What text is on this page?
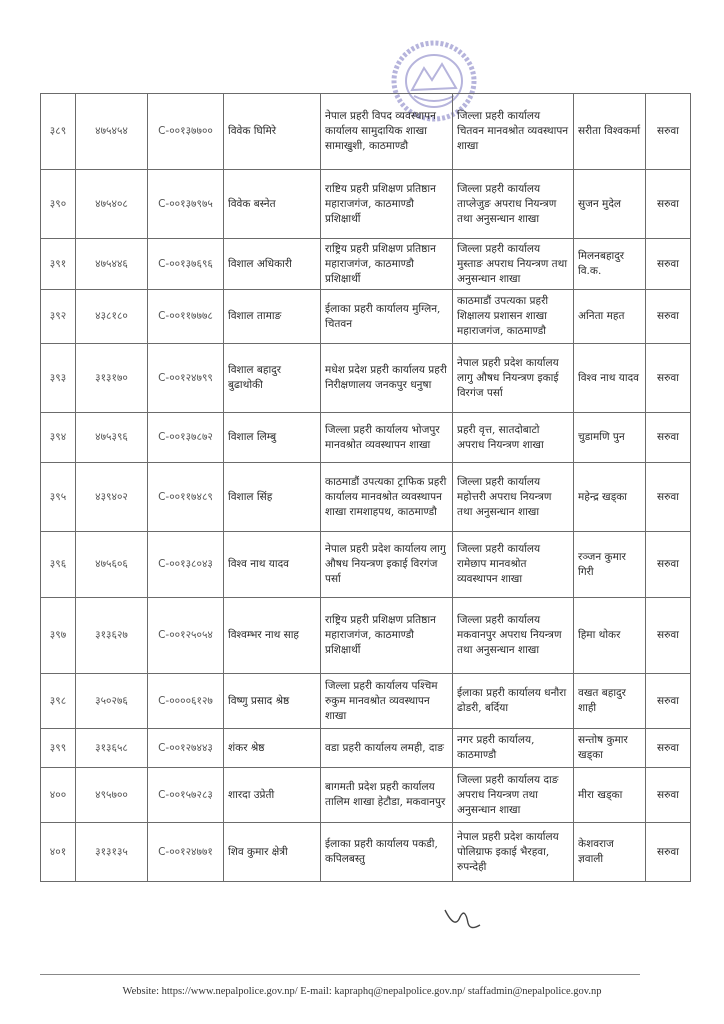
३८९	४७५४५४	C-००१३७७००	विवेक घिमिरे	नेपाल प्रहरी विपद व्यवस्थापन कार्यालय सामुदायिक शाखा सामाखुशी, काठमाण्डौ	जिल्ला प्रहरी कार्यालय चितवन मानवश्रोत व्यवस्थापन शाखा	सरीता विश्वकर्मा	सरुवा
३९०	४७५४०८	C-००१३७९७५	विवेक बस्नेत	राष्टिय प्रहरी प्रशिक्षण प्रतिष्ठान महाराजगंज, काठमाण्डौ प्रशिक्षार्थी	जिल्ला प्रहरी कार्यालय ताप्लेजुङ अपराध नियन्त्रण तथा अनुसन्धान शाखा	सुजन मुदेल	सरुवा
३९१	४७५४४६	C-००१३७६९६	विशाल अधिकारी	राष्ट्रिय प्रहरी प्रशिक्षण प्रतिष्ठान महाराजगंज, काठमाण्डौ प्रशिक्षार्थी	जिल्ला प्रहरी कार्यालय मुस्ताङ अपराध नियन्त्रण तथा अनुसन्धान शाखा	मिलनबहादुर वि.क.	सरुवा
३९२	४३८१८०	C-००११७७७८	विशाल तामाङ	ईलाका प्रहरी कार्यालय मुग्लिन, चितवन	काठमाडौं उपत्यका प्रहरी शिक्षालय प्रशासन शाखा महाराजगंज, काठमाण्डौ	अनिता महत	सरुवा
३९३	३१३१७०	C-००१२४७९९	विशाल बहादुर बुढाथोकी	मधेश प्रदेश प्रहरी कार्यालय प्रहरी निरीक्षणालय जनकपुर धनुषा	नेपाल प्रहरी प्रदेश कार्यालय लागु औषध नियन्त्रण इकाई विरगंज पर्सा	विश्व नाथ यादव	सरुवा
३९४	४७५३९६	C-००१३७८७२	विशाल लिम्बु	जिल्ला प्रहरी कार्यालय भोजपुर मानवश्रोत व्यवस्थापन शाखा	प्रहरी वृत्त, सातदोबाटो अपराध नियन्त्रण शाखा	चुडामणि पुन	सरुवा
३९५	४३९४०२	C-००११७४८९	विशाल सिंह	काठमाडौं उपत्यका ट्राफिक प्रहरी कार्यालय मानवश्रोत व्यवस्थापन शाखा रामशाहपथ, काठमाण्डौ	जिल्ला प्रहरी कार्यालय महोत्तरी अपराध नियन्त्रण तथा अनुसन्धान शाखा	महेन्द्र खड्का	सरुवा
३९६	४७५६०६	C-००१३८०४३	विश्व नाथ यादव	नेपाल प्रहरी प्रदेश कार्यालय लागु औषध नियन्त्रण इकाई विरगंज पर्सा	जिल्ला प्रहरी कार्यालय रामेछाप मानवश्रोत व्यवस्थापन शाखा	रञ्जन कुमार गिरी	सरुवा
३९७	३१३६२७	C-००१२५०५४	विश्वम्भर नाथ साह	राष्ट्रिय प्रहरी प्रशिक्षण प्रतिष्ठान महाराजगंज, काठमाण्डौ प्रशिक्षार्थी	जिल्ला प्रहरी कार्यालय मकवानपुर अपराध नियन्त्रण तथा अनुसन्धान शाखा	हिमा थोकर	सरुवा
३९८	३५०२७६	C-००००६१२७	विष्णु प्रसाद श्रेष्ठ	जिल्ला प्रहरी कार्यालय पश्चिम रुकुम मानवश्रोत व्यवस्थापन शाखा	ईलाका प्रहरी कार्यालय धनौरा ढोडरी, बर्दिया	वखत बहादुर शाही	सरुवा
३९९	३१३६५८	C-००१२७४४३	शंकर श्रेष्ठ	वडा प्रहरी कार्यालय लमही, दाङ	नगर प्रहरी कार्यालय, काठमाण्डौ	सन्तोष कुमार खड्का	सरुवा
४००	४९५७००	C-००१५७२८३	शारदा उप्रेती	बागमती प्रदेश प्रहरी कार्यालय तालिम शाखा हेटौडा, मकवानपुर	जिल्ला प्रहरी कार्यालय दाङ अपराध नियन्त्रण तथा अनुसन्धान शाखा	मीरा खड्का	सरुवा
४०१	३१३१३५	C-००१२४७७१	शिव कुमार क्षेत्री	ईलाका प्रहरी कार्यालय पकडी, कपिलबस्तु	नेपाल प्रहरी प्रदेश कार्यालय पोलिग्राफ इकाई भैरहवा, रुपन्देही	केशवराज ज्ञवाली	सरुवा
Website: https://www.nepalpolice.gov.np/ E-mail: kapraphq@nepalpolice.gov.np/ staffadmin@nepalpolice.gov.np
